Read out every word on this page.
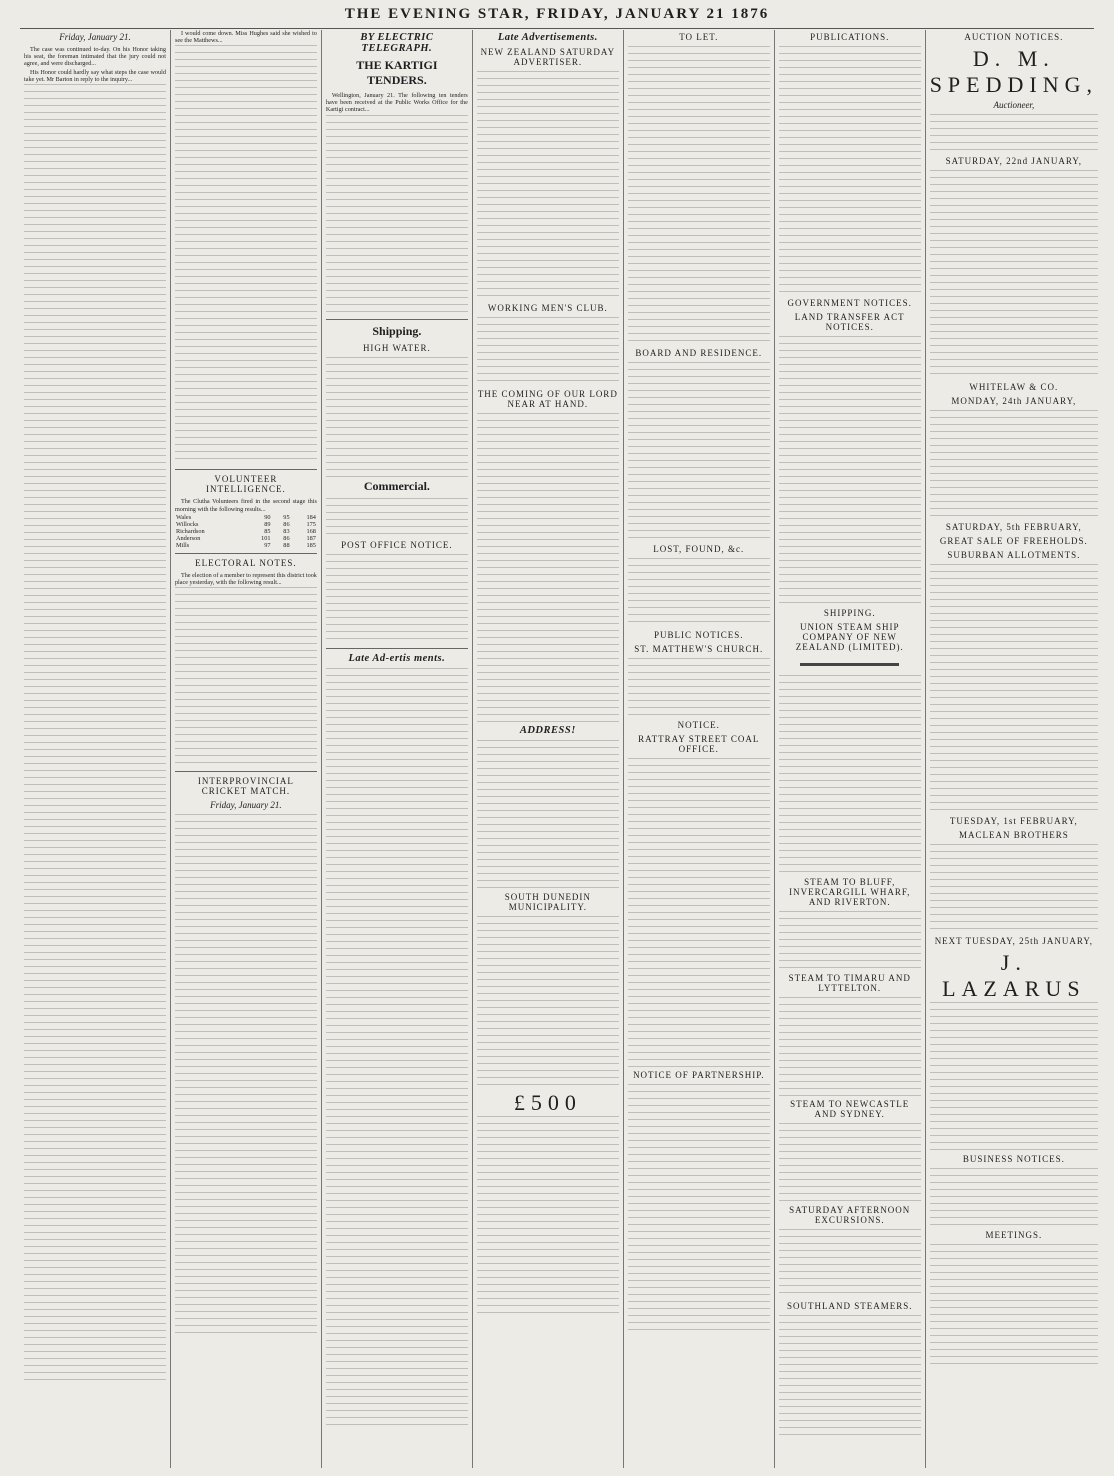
THE EVENING STAR, FRIDAY, JANUARY 21 1876
Friday, January 21.
The case was continued to-day. On his Honor taking his seat, the foreman intimated that the jury could not agree, and were discharged...
His Honor could hardly say what steps the case would take yet. Mr Barton in reply to the inquiry...
I would come down. Miss Hughes said she wished to see the Matthews...
VOLUNTEER INTELLIGENCE.
The Clutha Volunteers fired in the second stage this morning with the following results...
Wales	90	95	184
Willocks	89	86	175
Richardson	85	83	168
Anderson	101	86	187
Mills	97	88	185
ELECTORAL NOTES.
The election of a member to represent this district took place yesterday, with the following result...
INTERPROVINCIAL CRICKET MATCH.
Friday, January 21.
BY ELECTRIC TELEGRAPH.
THE KARTIGI TENDERS.
Wellington, January 21. The following ten tenders have been received at the Public Works Office for the Kartigi contract...
Shipping.
HIGH WATER.
Commercial.
POST OFFICE NOTICE.
Late Ad-ertis ments.
Late Advertisements.
NEW ZEALAND SATURDAY ADVERTISER.
WORKING MEN'S CLUB.
THE COMING OF OUR LORD NEAR AT HAND.
ADDRESS!
SOUTH DUNEDIN MUNICIPALITY.
£500
TO LET.
BOARD AND RESIDENCE.
LOST, FOUND, &c.
PUBLIC NOTICES.
ST. MATTHEW'S CHURCH.
NOTICE.
RATTRAY STREET COAL OFFICE.
NOTICE OF PARTNERSHIP.
PUBLICATIONS.
GOVERNMENT NOTICES.
LAND TRANSFER ACT NOTICES.
SHIPPING.
UNION STEAM SHIP COMPANY OF NEW ZEALAND (LIMITED).
STEAM TO BLUFF, INVERCARGILL WHARF, AND RIVERTON.
STEAM TO TIMARU AND LYTTELTON.
STEAM TO NEWCASTLE AND SYDNEY.
SATURDAY AFTERNOON EXCURSIONS.
SOUTHLAND STEAMERS.
AUCTION NOTICES.
D. M. SPEDDING,
Auctioneer,
SATURDAY, 22nd JANUARY,
WHITELAW & CO.
MONDAY, 24th JANUARY,
SATURDAY, 5th FEBRUARY,
GREAT SALE OF FREEHOLDS.
SUBURBAN ALLOTMENTS.
TUESDAY, 1st FEBRUARY,
MACLEAN BROTHERS
NEXT TUESDAY, 25th JANUARY,
J. LAZARUS
BUSINESS NOTICES.
MEETINGS.
